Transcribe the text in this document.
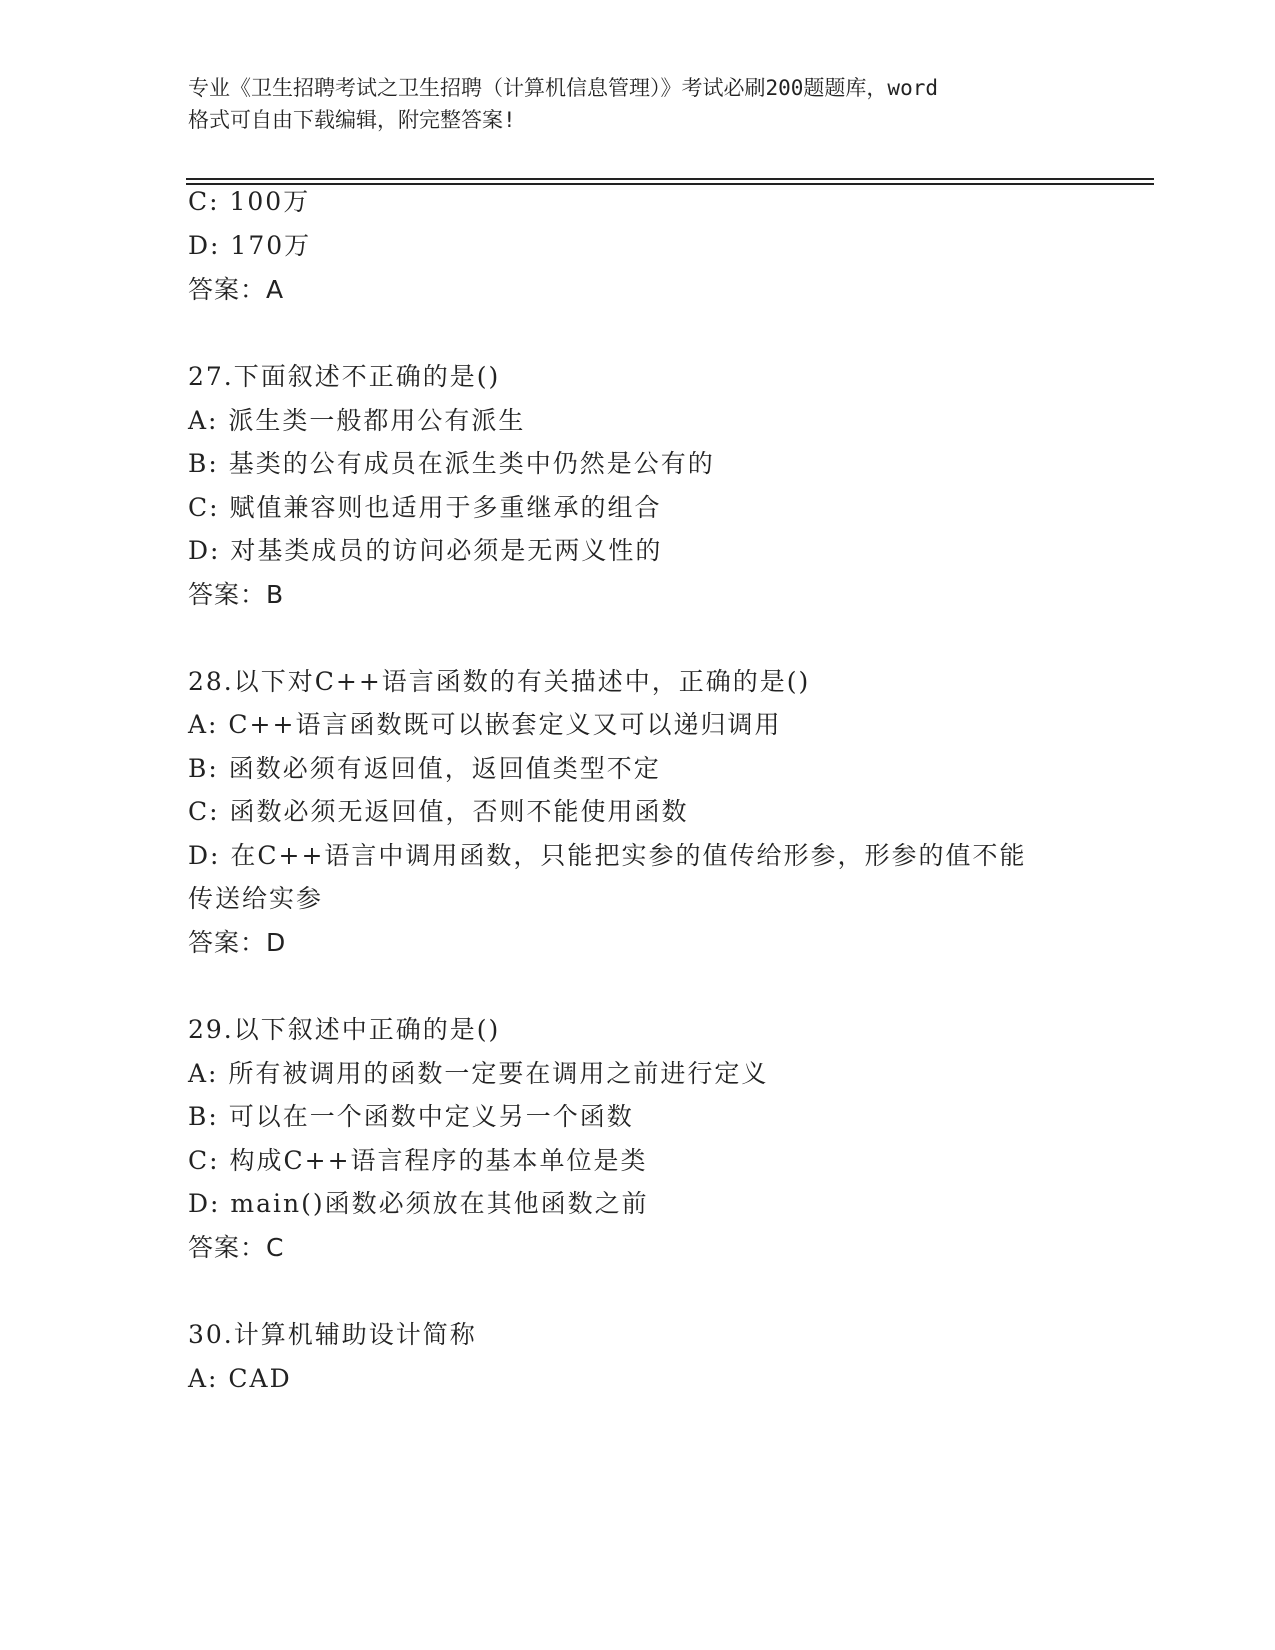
专业《卫生招聘考试之卫生招聘（计算机信息管理）》考试必刷200题题库，word
格式可自由下载编辑，附完整答案!
C: 100万
D: 170万
答案：A
27.下面叙述不正确的是()
A: 派生类一般都用公有派生
B: 基类的公有成员在派生类中仍然是公有的
C: 赋值兼容则也适用于多重继承的组合
D: 对基类成员的访问必须是无两义性的
答案：B
28.以下对C++语言函数的有关描述中，正确的是()
A: C++语言函数既可以嵌套定义又可以递归调用
B: 函数必须有返回值，返回值类型不定
C: 函数必须无返回值，否则不能使用函数
D: 在C++语言中调用函数，只能把实参的值传给形参，形参的值不能
传送给实参
答案：D
29.以下叙述中正确的是()
A: 所有被调用的函数一定要在调用之前进行定义
B: 可以在一个函数中定义另一个函数
C: 构成C++语言程序的基本单位是类
D: main()函数必须放在其他函数之前
答案：C
30.计算机辅助设计简称
A: CAD
